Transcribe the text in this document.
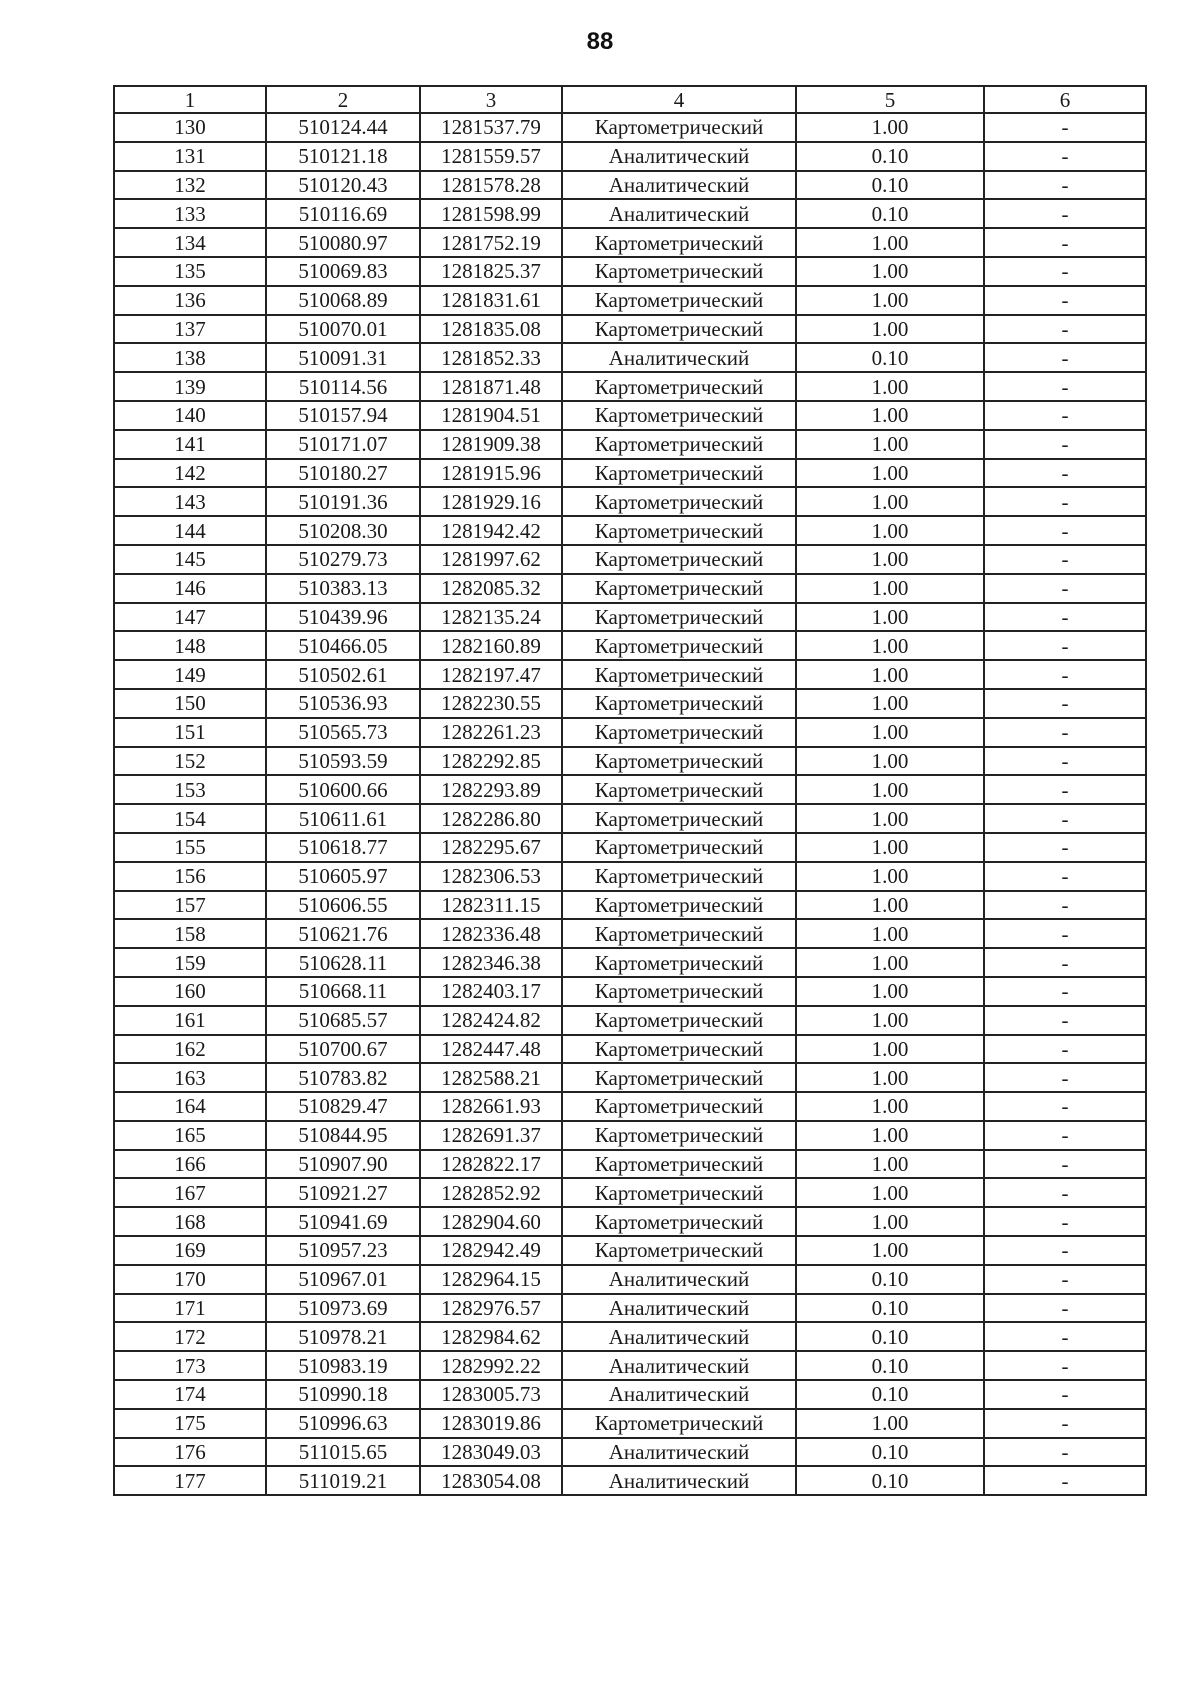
88
1	2	3	4	5	6
130	510124.44	1281537.79	Картометрический	1.00	-
131	510121.18	1281559.57	Аналитический	0.10	-
132	510120.43	1281578.28	Аналитический	0.10	-
133	510116.69	1281598.99	Аналитический	0.10	-
134	510080.97	1281752.19	Картометрический	1.00	-
135	510069.83	1281825.37	Картометрический	1.00	-
136	510068.89	1281831.61	Картометрический	1.00	-
137	510070.01	1281835.08	Картометрический	1.00	-
138	510091.31	1281852.33	Аналитический	0.10	-
139	510114.56	1281871.48	Картометрический	1.00	-
140	510157.94	1281904.51	Картометрический	1.00	-
141	510171.07	1281909.38	Картометрический	1.00	-
142	510180.27	1281915.96	Картометрический	1.00	-
143	510191.36	1281929.16	Картометрический	1.00	-
144	510208.30	1281942.42	Картометрический	1.00	-
145	510279.73	1281997.62	Картометрический	1.00	-
146	510383.13	1282085.32	Картометрический	1.00	-
147	510439.96	1282135.24	Картометрический	1.00	-
148	510466.05	1282160.89	Картометрический	1.00	-
149	510502.61	1282197.47	Картометрический	1.00	-
150	510536.93	1282230.55	Картометрический	1.00	-
151	510565.73	1282261.23	Картометрический	1.00	-
152	510593.59	1282292.85	Картометрический	1.00	-
153	510600.66	1282293.89	Картометрический	1.00	-
154	510611.61	1282286.80	Картометрический	1.00	-
155	510618.77	1282295.67	Картометрический	1.00	-
156	510605.97	1282306.53	Картометрический	1.00	-
157	510606.55	1282311.15	Картометрический	1.00	-
158	510621.76	1282336.48	Картометрический	1.00	-
159	510628.11	1282346.38	Картометрический	1.00	-
160	510668.11	1282403.17	Картометрический	1.00	-
161	510685.57	1282424.82	Картометрический	1.00	-
162	510700.67	1282447.48	Картометрический	1.00	-
163	510783.82	1282588.21	Картометрический	1.00	-
164	510829.47	1282661.93	Картометрический	1.00	-
165	510844.95	1282691.37	Картометрический	1.00	-
166	510907.90	1282822.17	Картометрический	1.00	-
167	510921.27	1282852.92	Картометрический	1.00	-
168	510941.69	1282904.60	Картометрический	1.00	-
169	510957.23	1282942.49	Картометрический	1.00	-
170	510967.01	1282964.15	Аналитический	0.10	-
171	510973.69	1282976.57	Аналитический	0.10	-
172	510978.21	1282984.62	Аналитический	0.10	-
173	510983.19	1282992.22	Аналитический	0.10	-
174	510990.18	1283005.73	Аналитический	0.10	-
175	510996.63	1283019.86	Картометрический	1.00	-
176	511015.65	1283049.03	Аналитический	0.10	-
177	511019.21	1283054.08	Аналитический	0.10	-
